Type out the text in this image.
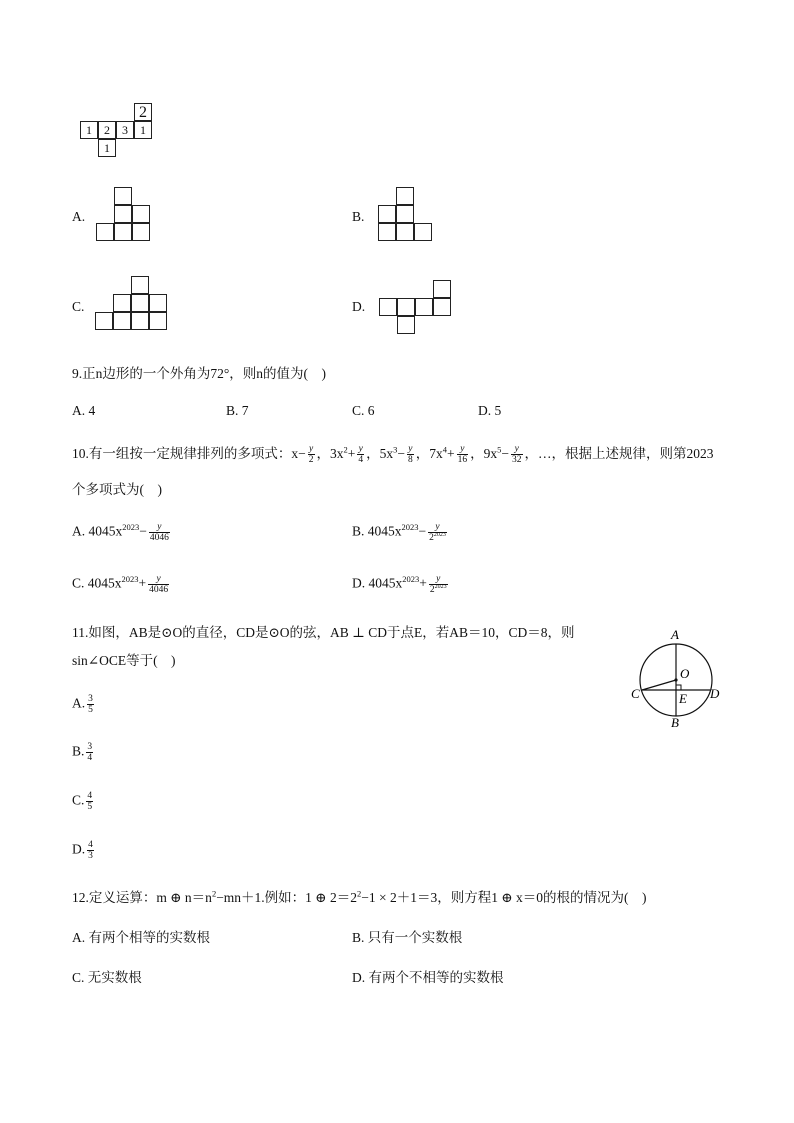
2
1	2	3	1
1
A.	B.
C.	D.
9.正n边形的一个外角为72°，则n的值为(　)
A. 4	B. 7	C. 6	D. 5
10.有一组按一定规律排列的多项式：$x- \frac{y}{2}$ ，$3x^2+ \frac{y}{4}$ ，$5x^3- \frac{y}{8}$ ，$7x^4+ \frac{y}{16}$ ，$9x^5- \frac{y}{32}$ ，…，根据上述规律，则第2023
个多项式为(　)
A. $4045x^{2023}- \frac{y}{4046}$	B. $4045x^{2023}- \frac{y}{2^{2023}}$
C. $4045x^{2023}+ \frac{y}{4046}$	D. $4045x^{2023}+ \frac{y}{2^{2023}}$
11.如图，AB是⊙O的直径，CD是⊙O的弦，AB ⊥ CD于点E，若AB＝10，CD＝8，则
sin∠OCE等于(　)
A. $\frac{3}{5}$
B. $\frac{3}{4}$
C. $\frac{4}{5}$
D. $\frac{4}{3}$
A
O
C	E D
B
12.定义运算：m ⊕ $n=n^2-mn+1$.例如：1 ⊕ $2=2^2-1 \times 2+1=3$，则方程1 ⊕ x＝0的根的情况为(　)
A. 有两个相等的实数根	B. 只有一个实数根
C. 无实数根	D. 有两个不相等的实数根
